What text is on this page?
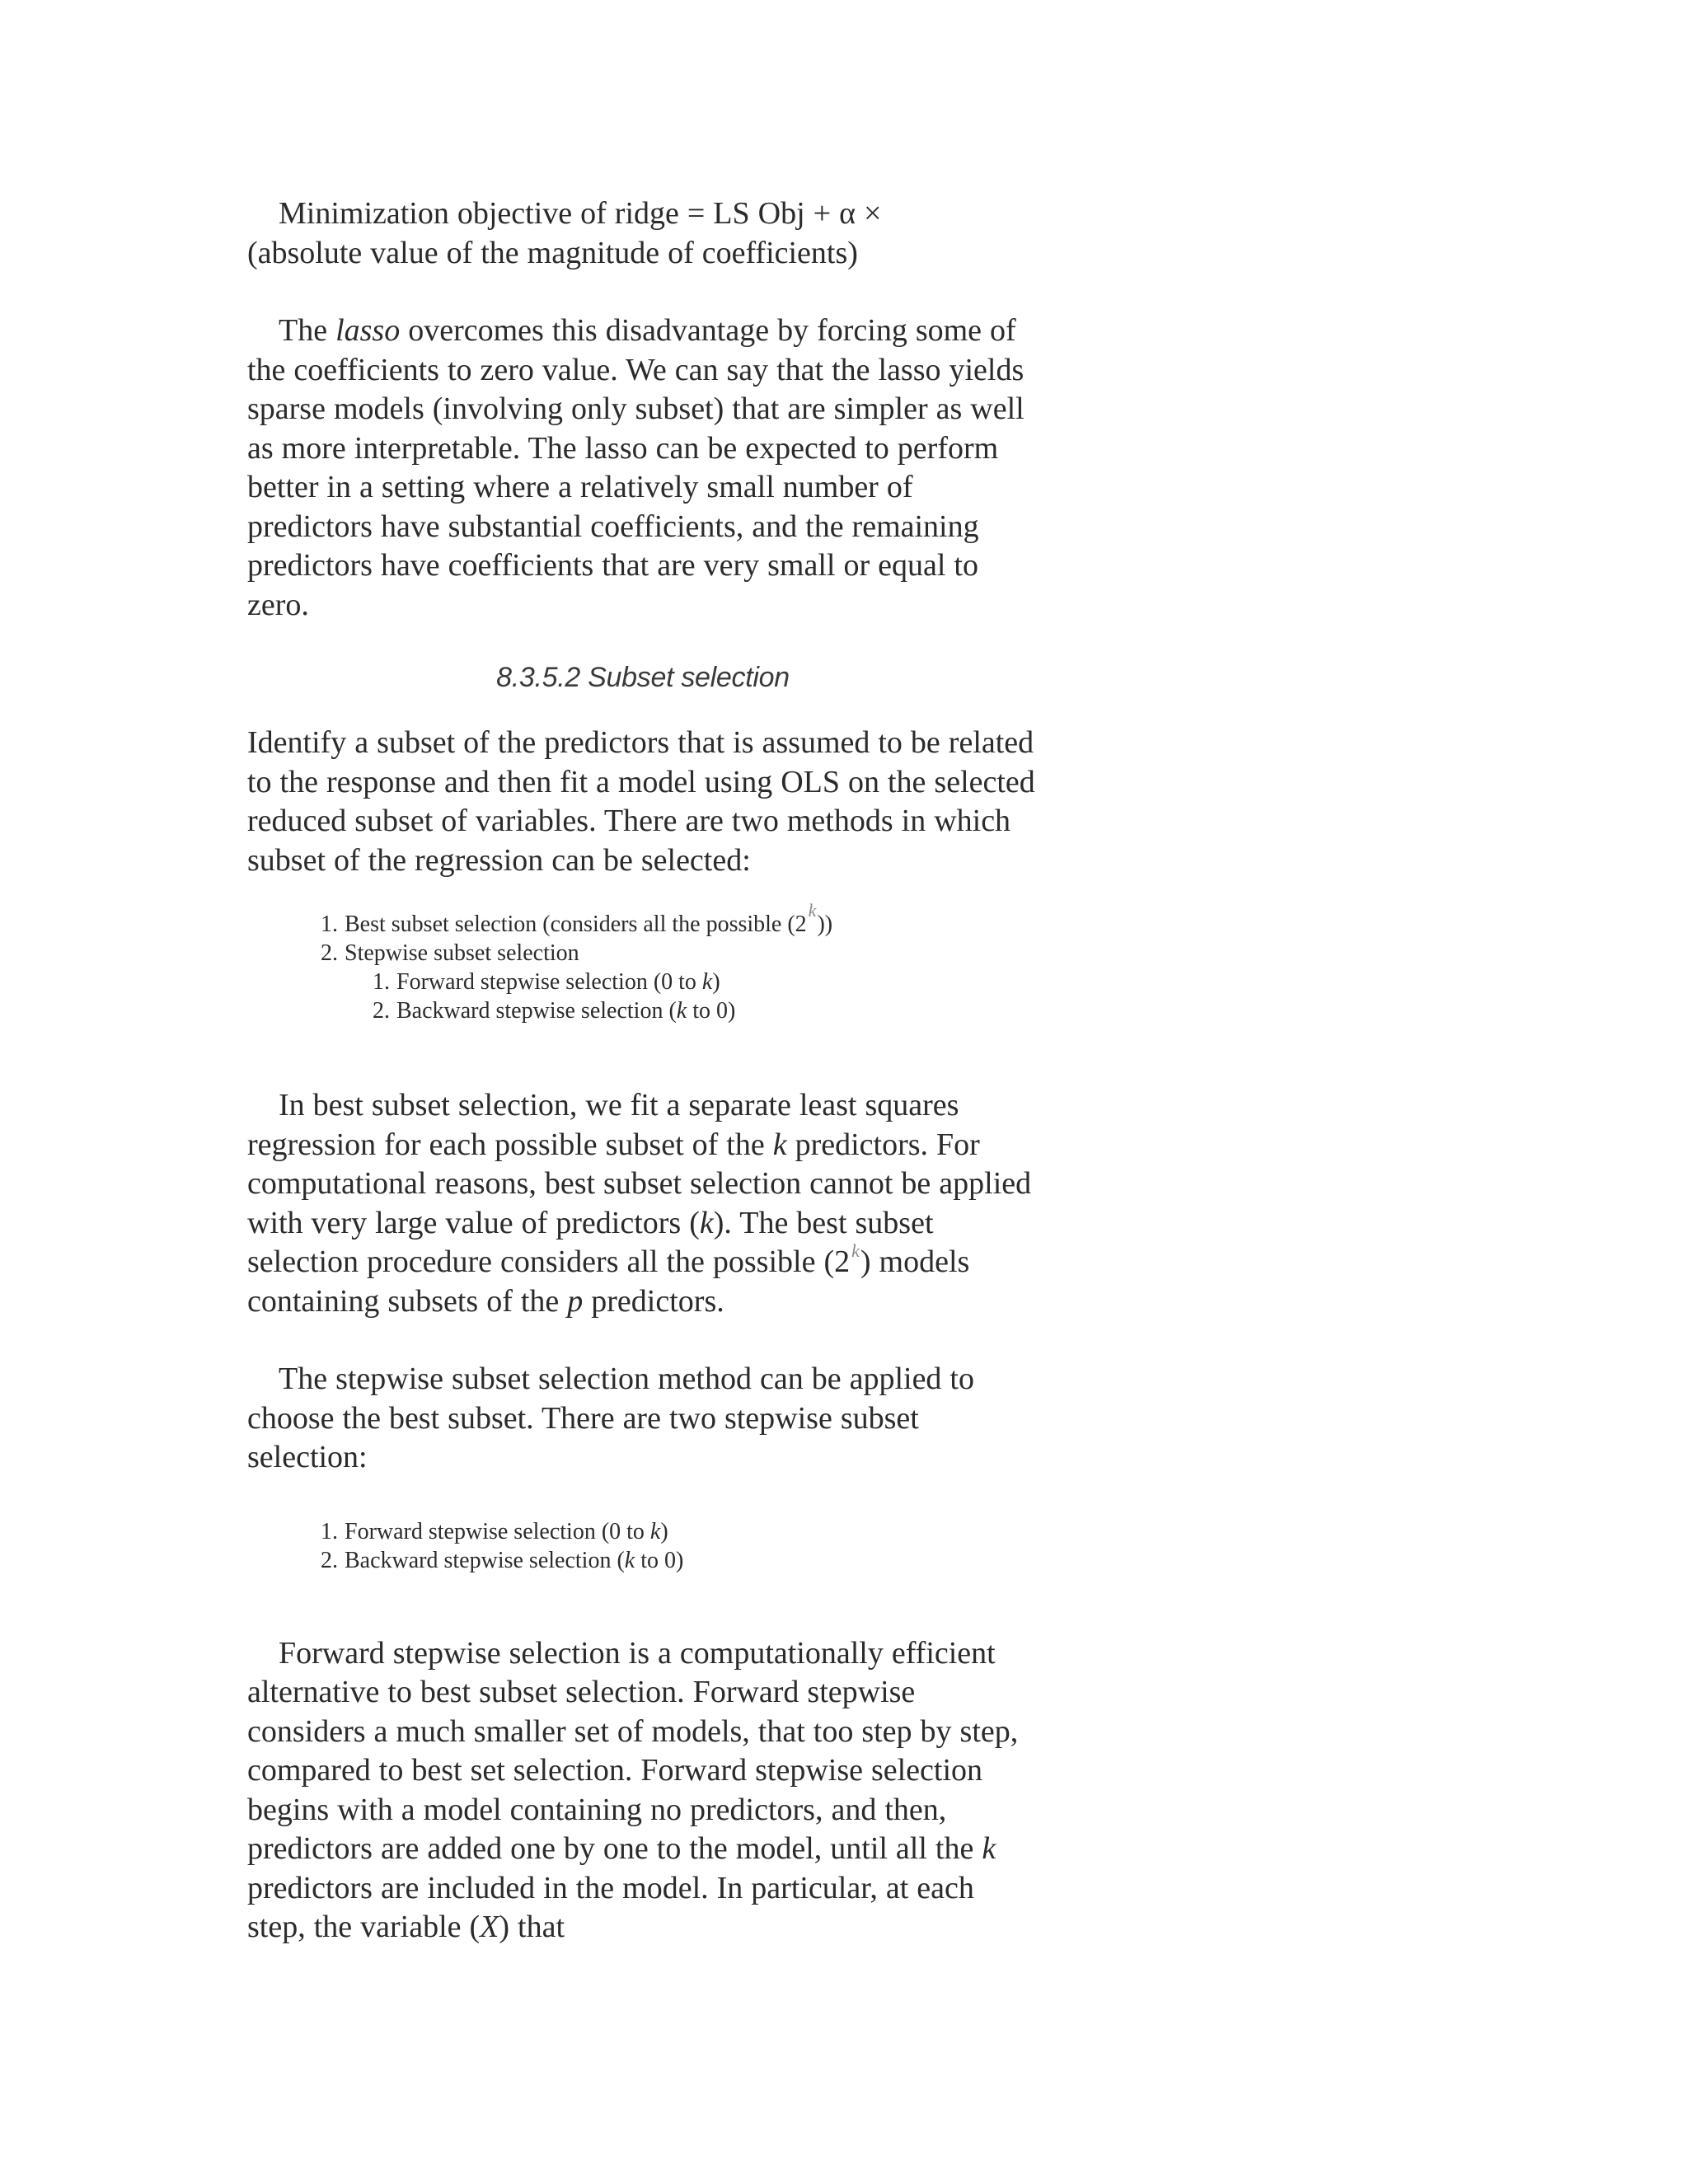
Minimization objective of ridge = LS Obj + α ×
(absolute value of the magnitude of coefficients)

The lasso overcomes this disadvantage by forcing some of the coefficients to zero value. We can say that the lasso yields sparse models (involving only subset) that are simpler as well as more interpretable. The lasso can be expected to perform better in a setting where a relatively small number of predictors have substantial coefficients, and the remaining predictors have coefficients that are very small or equal to zero.

8.3.5.2 Subset selection

Identify a subset of the predictors that is assumed to be related to the response and then fit a model using OLS on the selected reduced subset of variables. There are two methods in which subset of the regression can be selected:

1. Best subset selection (considers all the possible (2$^k$))
2. Stepwise subset selection
1. Forward stepwise selection (0 to k)
2. Backward stepwise selection (k to 0)

In best subset selection, we fit a separate least squares regression for each possible subset of the k predictors. For computational reasons, best subset selection cannot be applied with very large value of predictors (k). The best subset selection procedure considers all the possible (2$^k$) models containing subsets of the p predictors.

The stepwise subset selection method can be applied to choose the best subset. There are two stepwise subset selection:

1. Forward stepwise selection (0 to k)
2. Backward stepwise selection (k to 0)

Forward stepwise selection is a computationally efficient alternative to best subset selection. Forward stepwise considers a much smaller set of models, that too step by step, compared to best set selection. Forward stepwise selection begins with a model containing no predictors, and then, predictors are added one by one to the model, until all the k predictors are included in the model. In particular, at each step, the variable (X) that
